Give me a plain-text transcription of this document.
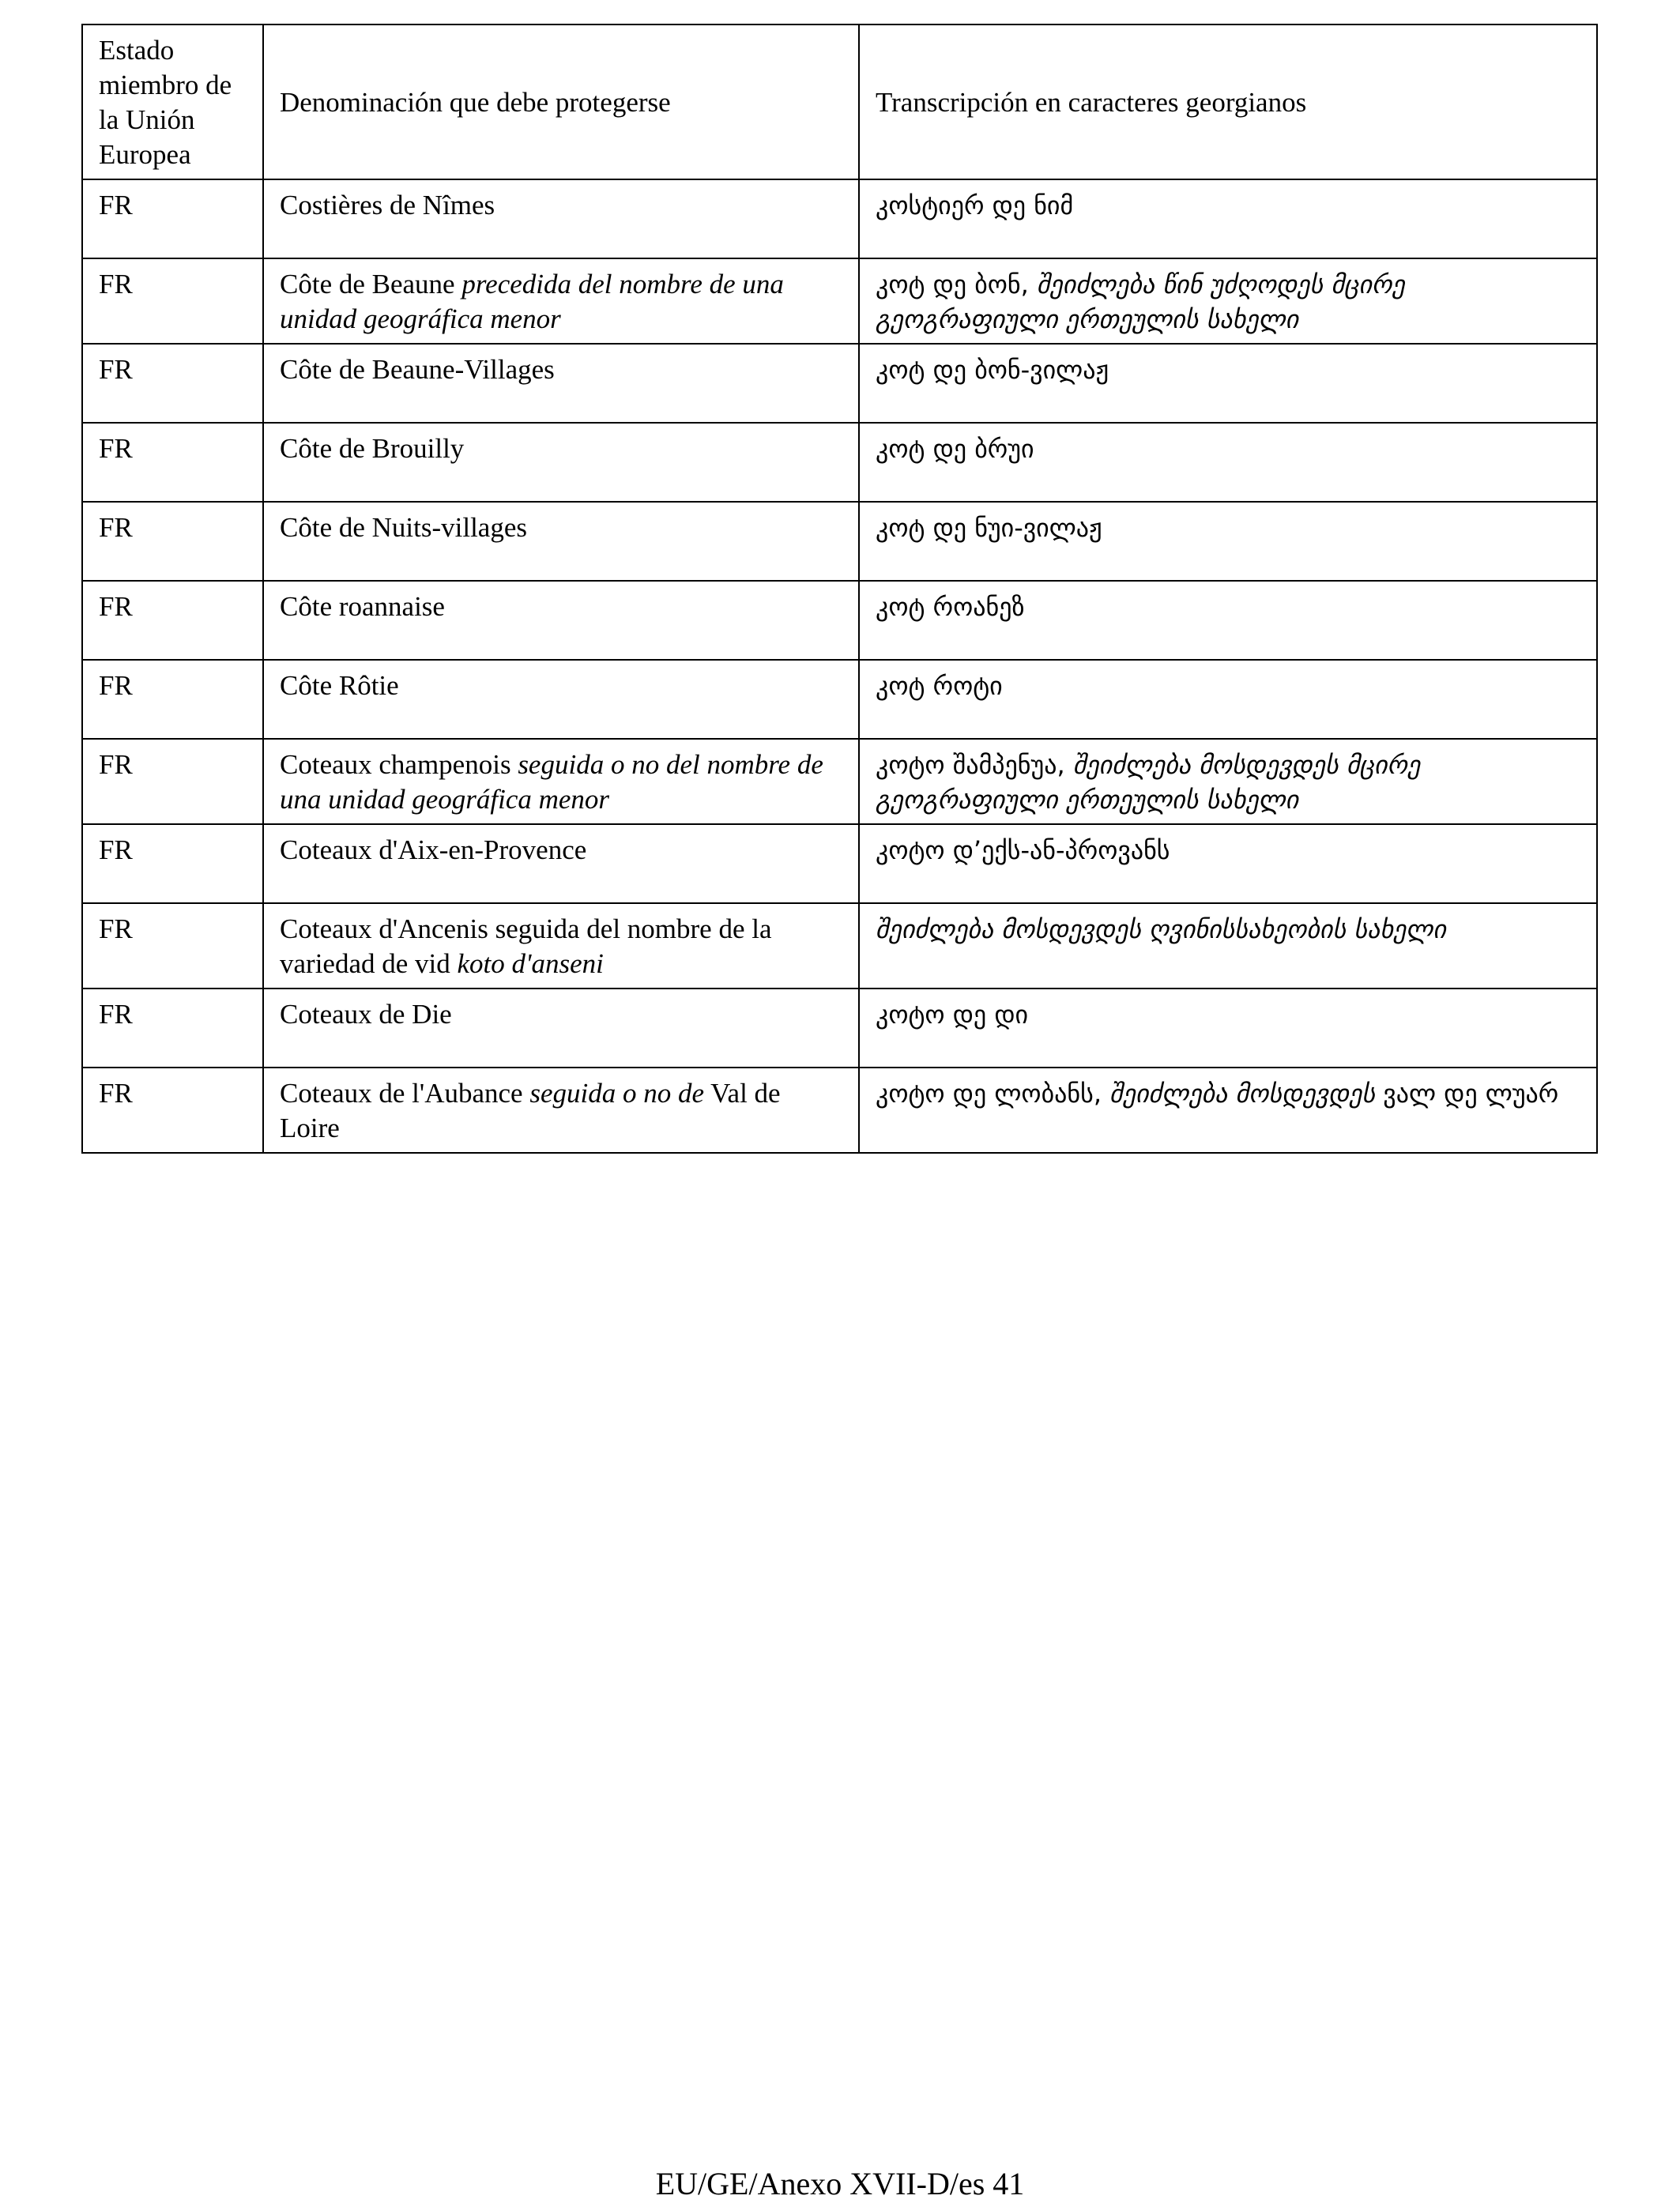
Estado miembro de la Unión Europea	Denominación que debe protegerse	Transcripción en caracteres georgianos
FR	Costières de Nîmes	კოსტიერ დე ნიმ
FR	Côte de Beaune precedida del nombre de una unidad geográfica menor	კოტ დე ბონ, შეიძლება წინ უძღოდეს მცირე გეოგრაფიული ერთეულის სახელი
FR	Côte de Beaune-Villages	კოტ დე ბონ-ვილაჟ
FR	Côte de Brouilly	კოტ დე ბრუი
FR	Côte de Nuits-villages	კოტ დე ნუი-ვილაჟ
FR	Côte roannaise	კოტ როანეზ
FR	Côte Rôtie	კოტ როტი
FR	Coteaux champenois seguida o no del nombre de una unidad geográfica menor	კოტო შამპენუა, შეიძლება მოსდევდეს მცირე გეოგრაფიული ერთეულის სახელი
FR	Coteaux d'Aix-en-Provence	კოტო დ’ექს-ან-პროვანს
FR	Coteaux d'Ancenis seguida del nombre de la variedad de vid koto d'anseni	შეიძლება მოსდევდეს ღვინისსახეობის სახელი
FR	Coteaux de Die	კოტო დე დი
FR	Coteaux de l'Aubance seguida o no de Val de Loire	კოტო დე ლობანს, შეიძლება მოსდევდეს ვალ დე ლუარ
EU/GE/Anexo XVII-D/es 41
